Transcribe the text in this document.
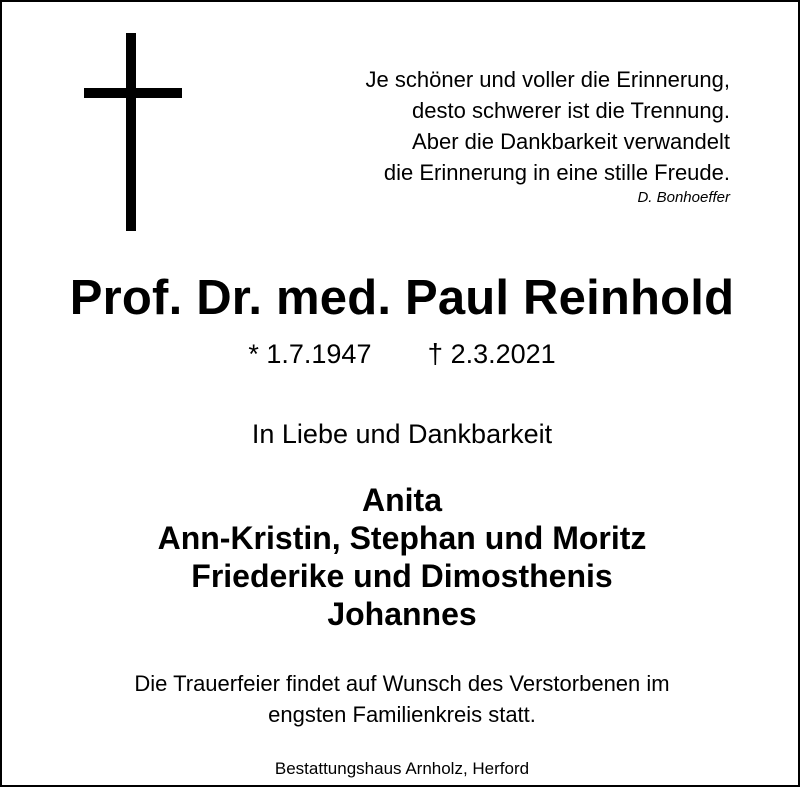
Je schöner und voller die Erinnerung,
desto schwerer ist die Trennung.
Aber die Dankbarkeit verwandelt
die Erinnerung in eine stille Freude.
D. Bonhoeffer
Prof. Dr. med. Paul Reinhold
* 1.7.1947 † 2.3.2021
In Liebe und Dankbarkeit
Anita
Ann-Kristin, Stephan und Moritz
Friederike und Dimosthenis
Johannes
Die Trauerfeier findet auf Wunsch des Verstorbenen im
engsten Familienkreis statt.
Bestattungshaus Arnholz, Herford
